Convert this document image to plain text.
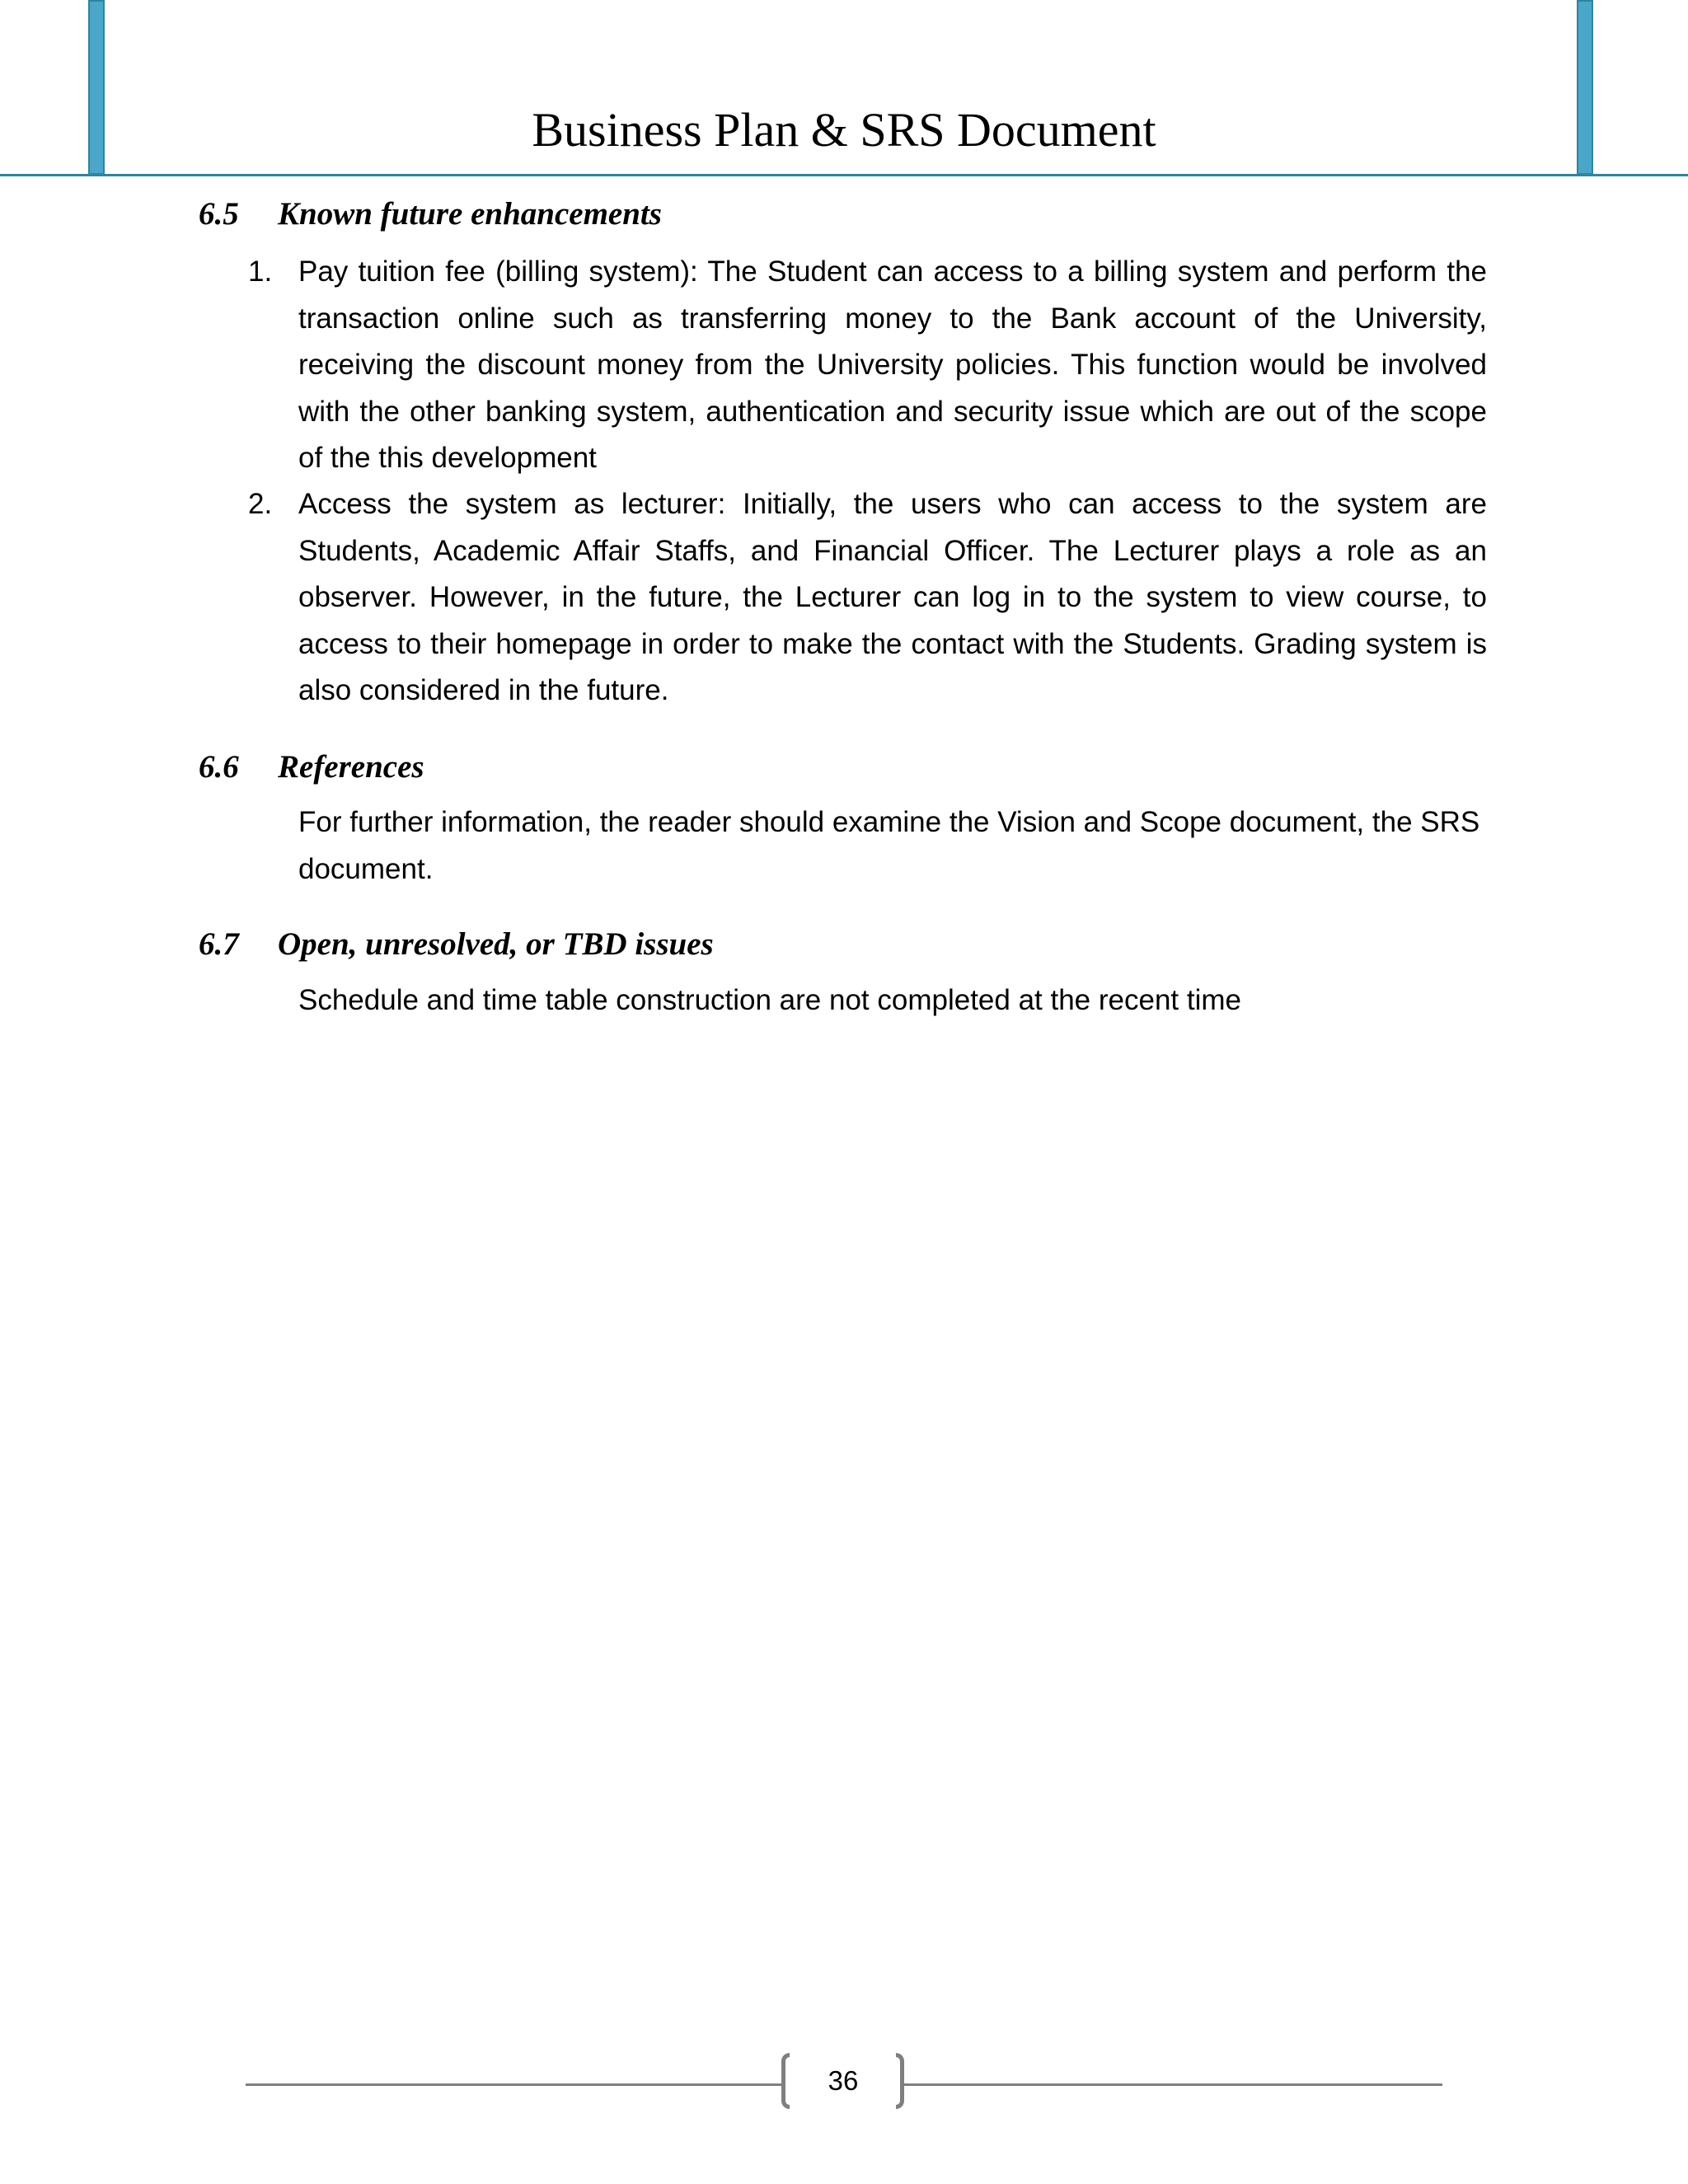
Business Plan & SRS Document
6.5 Known future enhancements
1. Pay tuition fee (billing system): The Student can access to a billing system and perform the transaction online such as transferring money to the Bank account of the University, receiving the discount money from the University policies. This function would be involved with the other banking system, authentication and security issue which are out of the scope of the this development
2. Access the system as lecturer: Initially, the users who can access to the system are Students, Academic Affair Staffs, and Financial Officer. The Lecturer plays a role as an observer. However, in the future, the Lecturer can log in to the system to view course, to access to their homepage in order to make the contact with the Students. Grading system is also considered in the future.
6.6 References
For further information, the reader should examine the Vision and Scope document, the SRS document.
6.7 Open, unresolved, or TBD issues
Schedule and time table construction are not completed at the recent time
36
